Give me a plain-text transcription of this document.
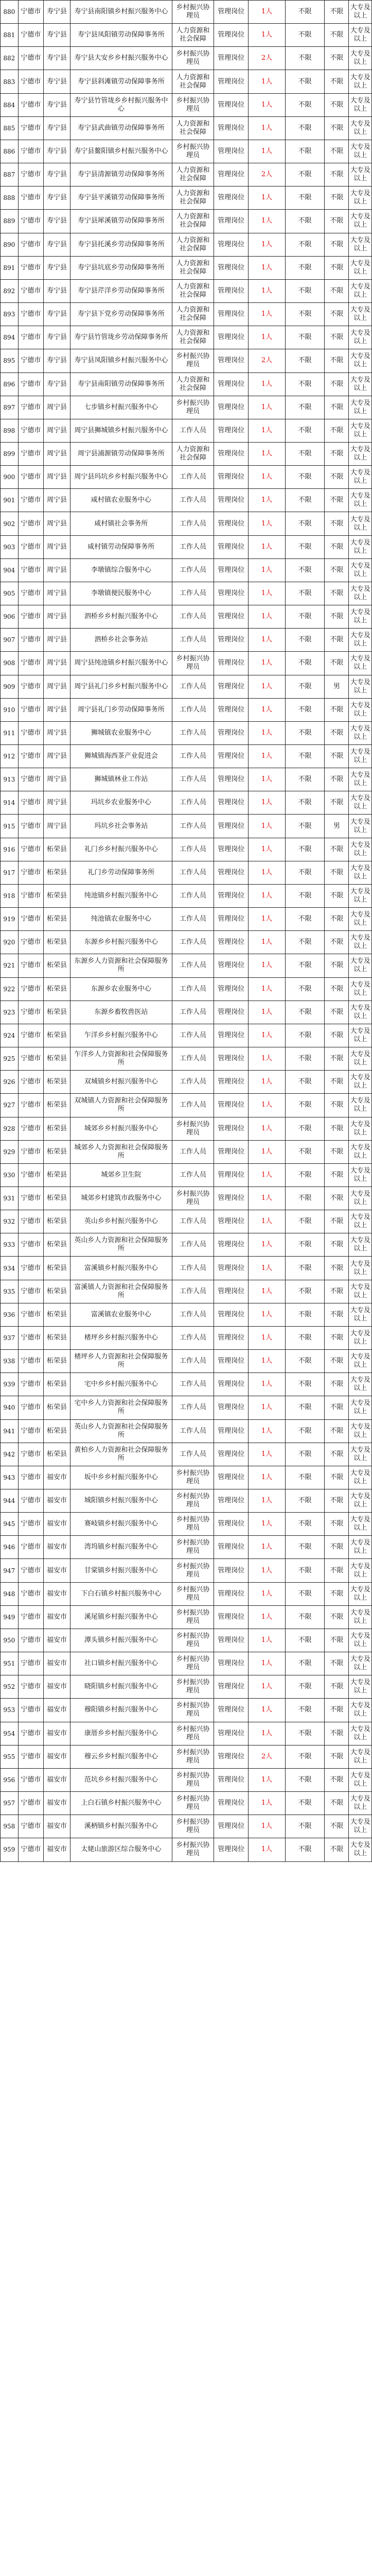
880	宁德市	寿宁县	寿宁县南阳镇乡村振兴服务中心	乡村振兴协理员	管理岗位	1人	不限	不限	大专及以上
881	宁德市	寿宁县	寿宁县凤阳镇劳动保障事务所	人力资源和社会保障	管理岗位	1人	不限	不限	大专及以上
882	宁德市	寿宁县	寿宁县大安乡乡村振兴服务中心	乡村振兴协理员	管理岗位	2人	不限	不限	大专及以上
883	宁德市	寿宁县	寿宁县斜滩镇劳动保障事务所	人力资源和社会保障	管理岗位	1人	不限	不限	大专及以上
884	宁德市	寿宁县	寿宁县竹管垅乡乡村振兴服务中心	乡村振兴协理员	管理岗位	1人	不限	不限	大专及以上
885	宁德市	寿宁县	寿宁县武曲镇劳动保障事务所	人力资源和社会保障	管理岗位	1人	不限	不限	大专及以上
886	宁德市	寿宁县	寿宁县鳌阳镇乡村振兴服务中心	乡村振兴协理员	管理岗位	1人	不限	不限	大专及以上
887	宁德市	寿宁县	寿宁县清源镇劳动保障事务所	人力资源和社会保障	管理岗位	2人	不限	不限	大专及以上
888	宁德市	寿宁县	寿宁县平溪镇劳动保障事务所	人力资源和社会保障	管理岗位	1人	不限	不限	大专及以上
889	宁德市	寿宁县	寿宁县犀溪镇劳动保障事务所	人力资源和社会保障	管理岗位	1人	不限	不限	大专及以上
890	宁德市	寿宁县	寿宁县托溪乡劳动保障事务所	人力资源和社会保障	管理岗位	1人	不限	不限	大专及以上
891	宁德市	寿宁县	寿宁县坑底乡劳动保障事务所	人力资源和社会保障	管理岗位	1人	不限	不限	大专及以上
892	宁德市	寿宁县	寿宁县芹洋乡劳动保障事务所	人力资源和社会保障	管理岗位	1人	不限	不限	大专及以上
893	宁德市	寿宁县	寿宁县下党乡劳动保障事务所	人力资源和社会保障	管理岗位	1人	不限	不限	大专及以上
894	宁德市	寿宁县	寿宁县竹管垅乡劳动保障事务所	人力资源和社会保障	管理岗位	1人	不限	不限	大专及以上
895	宁德市	寿宁县	寿宁县凤阳镇乡村振兴服务中心	乡村振兴协理员	管理岗位	2人	不限	不限	大专及以上
896	宁德市	寿宁县	寿宁县南阳镇劳动保障事务所	人力资源和社会保障	管理岗位	1人	不限	不限	大专及以上
897	宁德市	周宁县	七步镇乡村振兴服务中心	乡村振兴协理员	管理岗位	1人	不限	不限	大专及以上
898	宁德市	周宁县	周宁县狮城镇乡村振兴服务中心	工作人员	管理岗位	1人	不限	不限	大专及以上
899	宁德市	周宁县	周宁县浦源镇劳动保障事务所	人力资源和社会保障	管理岗位	1人	不限	不限	大专及以上
900	宁德市	周宁县	周宁县玛坑乡乡村振兴服务中心	工作人员	管理岗位	1人	不限	不限	大专及以上
901	宁德市	周宁县	咸村镇农业服务中心	工作人员	管理岗位	1人	不限	不限	大专及以上
902	宁德市	周宁县	咸村镇社会事务所	工作人员	管理岗位	1人	不限	不限	大专及以上
903	宁德市	周宁县	咸村镇劳动保障事务所	工作人员	管理岗位	1人	不限	不限	大专及以上
904	宁德市	周宁县	李墩镇综合服务中心	工作人员	管理岗位	1人	不限	不限	大专及以上
905	宁德市	周宁县	李墩镇便民服务中心	工作人员	管理岗位	1人	不限	不限	大专及以上
906	宁德市	周宁县	泗桥乡乡村振兴服务中心	工作人员	管理岗位	1人	不限	不限	大专及以上
907	宁德市	周宁县	泗桥乡社会事务站	工作人员	管理岗位	1人	不限	不限	大专及以上
908	宁德市	周宁县	周宁县纯池镇乡村振兴服务中心	乡村振兴协理员	管理岗位	1人	不限	不限	大专及以上
909	宁德市	周宁县	周宁县礼门乡乡村振兴服务中心	工作人员	管理岗位	1人	不限	男	大专及以上
910	宁德市	周宁县	周宁县礼门乡劳动保障事务所	工作人员	管理岗位	1人	不限	不限	大专及以上
911	宁德市	周宁县	狮城镇农业服务中心	工作人员	管理岗位	1人	不限	不限	大专及以上
912	宁德市	周宁县	狮城镇海西茶产业促进会	工作人员	管理岗位	1人	不限	不限	大专及以上
913	宁德市	周宁县	狮城镇林业工作站	工作人员	管理岗位	1人	不限	不限	大专及以上
914	宁德市	周宁县	玛坑乡农业服务中心	工作人员	管理岗位	1人	不限	不限	大专及以上
915	宁德市	周宁县	玛坑乡社会事务站	工作人员	管理岗位	1人	不限	男	大专及以上
916	宁德市	柘荣县	礼门乡乡村振兴服务中心	工作人员	管理岗位	1人	不限	不限	大专及以上
917	宁德市	柘荣县	礼门乡劳动保障事务所	工作人员	管理岗位	1人	不限	不限	大专及以上
918	宁德市	柘荣县	纯池镇乡村振兴服务中心	工作人员	管理岗位	1人	不限	不限	大专及以上
919	宁德市	柘荣县	纯池镇农业服务中心	工作人员	管理岗位	1人	不限	不限	大专及以上
920	宁德市	柘荣县	东源乡乡村振兴服务中心	工作人员	管理岗位	1人	不限	不限	大专及以上
921	宁德市	柘荣县	东源乡人力资源和社会保障服务所	工作人员	管理岗位	1人	不限	不限	大专及以上
922	宁德市	柘荣县	东源乡农业服务中心	工作人员	管理岗位	1人	不限	不限	大专及以上
923	宁德市	柘荣县	东源乡畜牧兽医站	工作人员	管理岗位	1人	不限	不限	大专及以上
924	宁德市	柘荣县	乍洋乡乡村振兴服务中心	工作人员	管理岗位	1人	不限	不限	大专及以上
925	宁德市	柘荣县	乍洋乡人力资源和社会保障服务所	工作人员	管理岗位	1人	不限	不限	大专及以上
926	宁德市	柘荣县	双城镇乡村振兴服务中心	工作人员	管理岗位	1人	不限	不限	大专及以上
927	宁德市	柘荣县	双城镇人力资源和社会保障服务所	工作人员	管理岗位	1人	不限	不限	大专及以上
928	宁德市	柘荣县	城郊乡乡村振兴服务中心	乡村振兴协理员	管理岗位	1人	不限	不限	大专及以上
929	宁德市	柘荣县	城郊乡人力资源和社会保障服务所	工作人员	管理岗位	1人	不限	不限	大专及以上
930	宁德市	柘荣县	城郊乡卫生院	工作人员	管理岗位	1人	不限	不限	大专及以上
931	宁德市	柘荣县	城郊乡村建筑市政服务中心	乡村振兴协理员	管理岗位	1人	不限	不限	大专及以上
932	宁德市	柘荣县	英山乡乡村振兴服务中心	工作人员	管理岗位	1人	不限	不限	大专及以上
933	宁德市	柘荣县	英山乡人力资源和社会保障服务所	工作人员	管理岗位	1人	不限	不限	大专及以上
934	宁德市	柘荣县	富溪镇乡村振兴服务中心	工作人员	管理岗位	1人	不限	不限	大专及以上
935	宁德市	柘荣县	富溪镇人力资源和社会保障服务所	工作人员	管理岗位	1人	不限	不限	大专及以上
936	宁德市	柘荣县	富溪镇农业服务中心	工作人员	管理岗位	1人	不限	不限	大专及以上
937	宁德市	柘荣县	楮坪乡乡村振兴服务中心	工作人员	管理岗位	1人	不限	不限	大专及以上
938	宁德市	柘荣县	楮坪乡人力资源和社会保障服务所	工作人员	管理岗位	1人	不限	不限	大专及以上
939	宁德市	柘荣县	宅中乡乡村振兴服务中心	工作人员	管理岗位	1人	不限	不限	大专及以上
940	宁德市	柘荣县	宅中乡人力资源和社会保障服务所	工作人员	管理岗位	1人	不限	不限	大专及以上
941	宁德市	柘荣县	英山乡人力资源和社会保障服务所	工作人员	管理岗位	1人	不限	不限	大专及以上
942	宁德市	柘荣县	黄柏乡人力资源和社会保障服务所	工作人员	管理岗位	1人	不限	不限	大专及以上
943	宁德市	福安市	坂中乡乡村振兴服务中心	乡村振兴协理员	管理岗位	1人	不限	不限	大专及以上
944	宁德市	福安市	城阳镇乡村振兴服务中心	乡村振兴协理员	管理岗位	1人	不限	不限	大专及以上
945	宁德市	福安市	赛岐镇乡村振兴服务中心	乡村振兴协理员	管理岗位	1人	不限	不限	大专及以上
946	宁德市	福安市	湾坞镇乡村振兴服务中心	乡村振兴协理员	管理岗位	1人	不限	不限	大专及以上
947	宁德市	福安市	甘棠镇乡村振兴服务中心	乡村振兴协理员	管理岗位	1人	不限	不限	大专及以上
948	宁德市	福安市	下白石镇乡村振兴服务中心	乡村振兴协理员	管理岗位	1人	不限	不限	大专及以上
949	宁德市	福安市	溪尾镇乡村振兴服务中心	乡村振兴协理员	管理岗位	1人	不限	不限	大专及以上
950	宁德市	福安市	潭头镇乡村振兴服务中心	乡村振兴协理员	管理岗位	1人	不限	不限	大专及以上
951	宁德市	福安市	社口镇乡村振兴服务中心	乡村振兴协理员	管理岗位	1人	不限	不限	大专及以上
952	宁德市	福安市	晓阳镇乡村振兴服务中心	乡村振兴协理员	管理岗位	1人	不限	不限	大专及以上
953	宁德市	福安市	穆阳镇乡村振兴服务中心	乡村振兴协理员	管理岗位	1人	不限	不限	大专及以上
954	宁德市	福安市	康厝乡乡村振兴服务中心	乡村振兴协理员	管理岗位	1人	不限	不限	大专及以上
955	宁德市	福安市	穆云乡乡村振兴服务中心	乡村振兴协理员	管理岗位	2人	不限	不限	大专及以上
956	宁德市	福安市	范坑乡乡村振兴服务中心	乡村振兴协理员	管理岗位	1人	不限	不限	大专及以上
957	宁德市	福安市	上白石镇乡村振兴服务中心	乡村振兴协理员	管理岗位	1人	不限	不限	大专及以上
958	宁德市	福安市	溪柄镇乡村振兴服务中心	乡村振兴协理员	管理岗位	1人	不限	不限	大专及以上
959	宁德市	福安市	太姥山旅游区综合服务中心	乡村振兴协理员	管理岗位	1人	不限	不限	大专及以上
